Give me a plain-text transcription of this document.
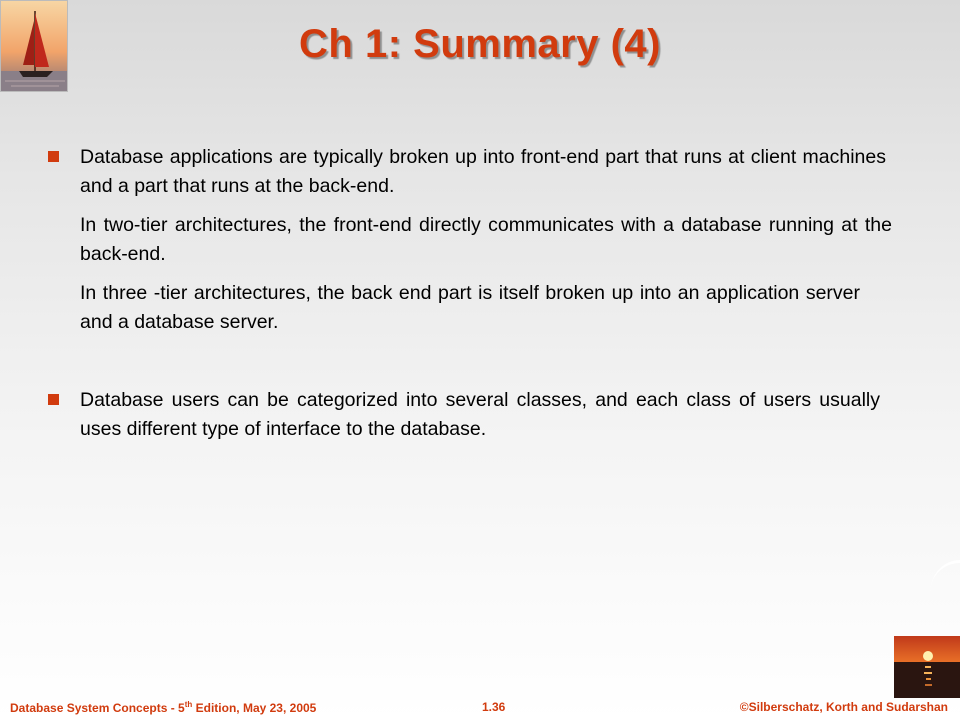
Ch 1: Summary (4)
Database applications are typically broken up into front-end part that runs at client machines and a part that runs at the back-end.
In two-tier architectures, the front-end directly communicates with a database running at the back-end.
In three -tier architectures, the back end part is itself broken up into an application server and a database server.
Database users can be categorized into several classes, and each class of users usually uses different type of interface to the database.
Database System Concepts - 5th Edition, May 23, 2005	1.36	©Silberschatz, Korth and Sudarshan
